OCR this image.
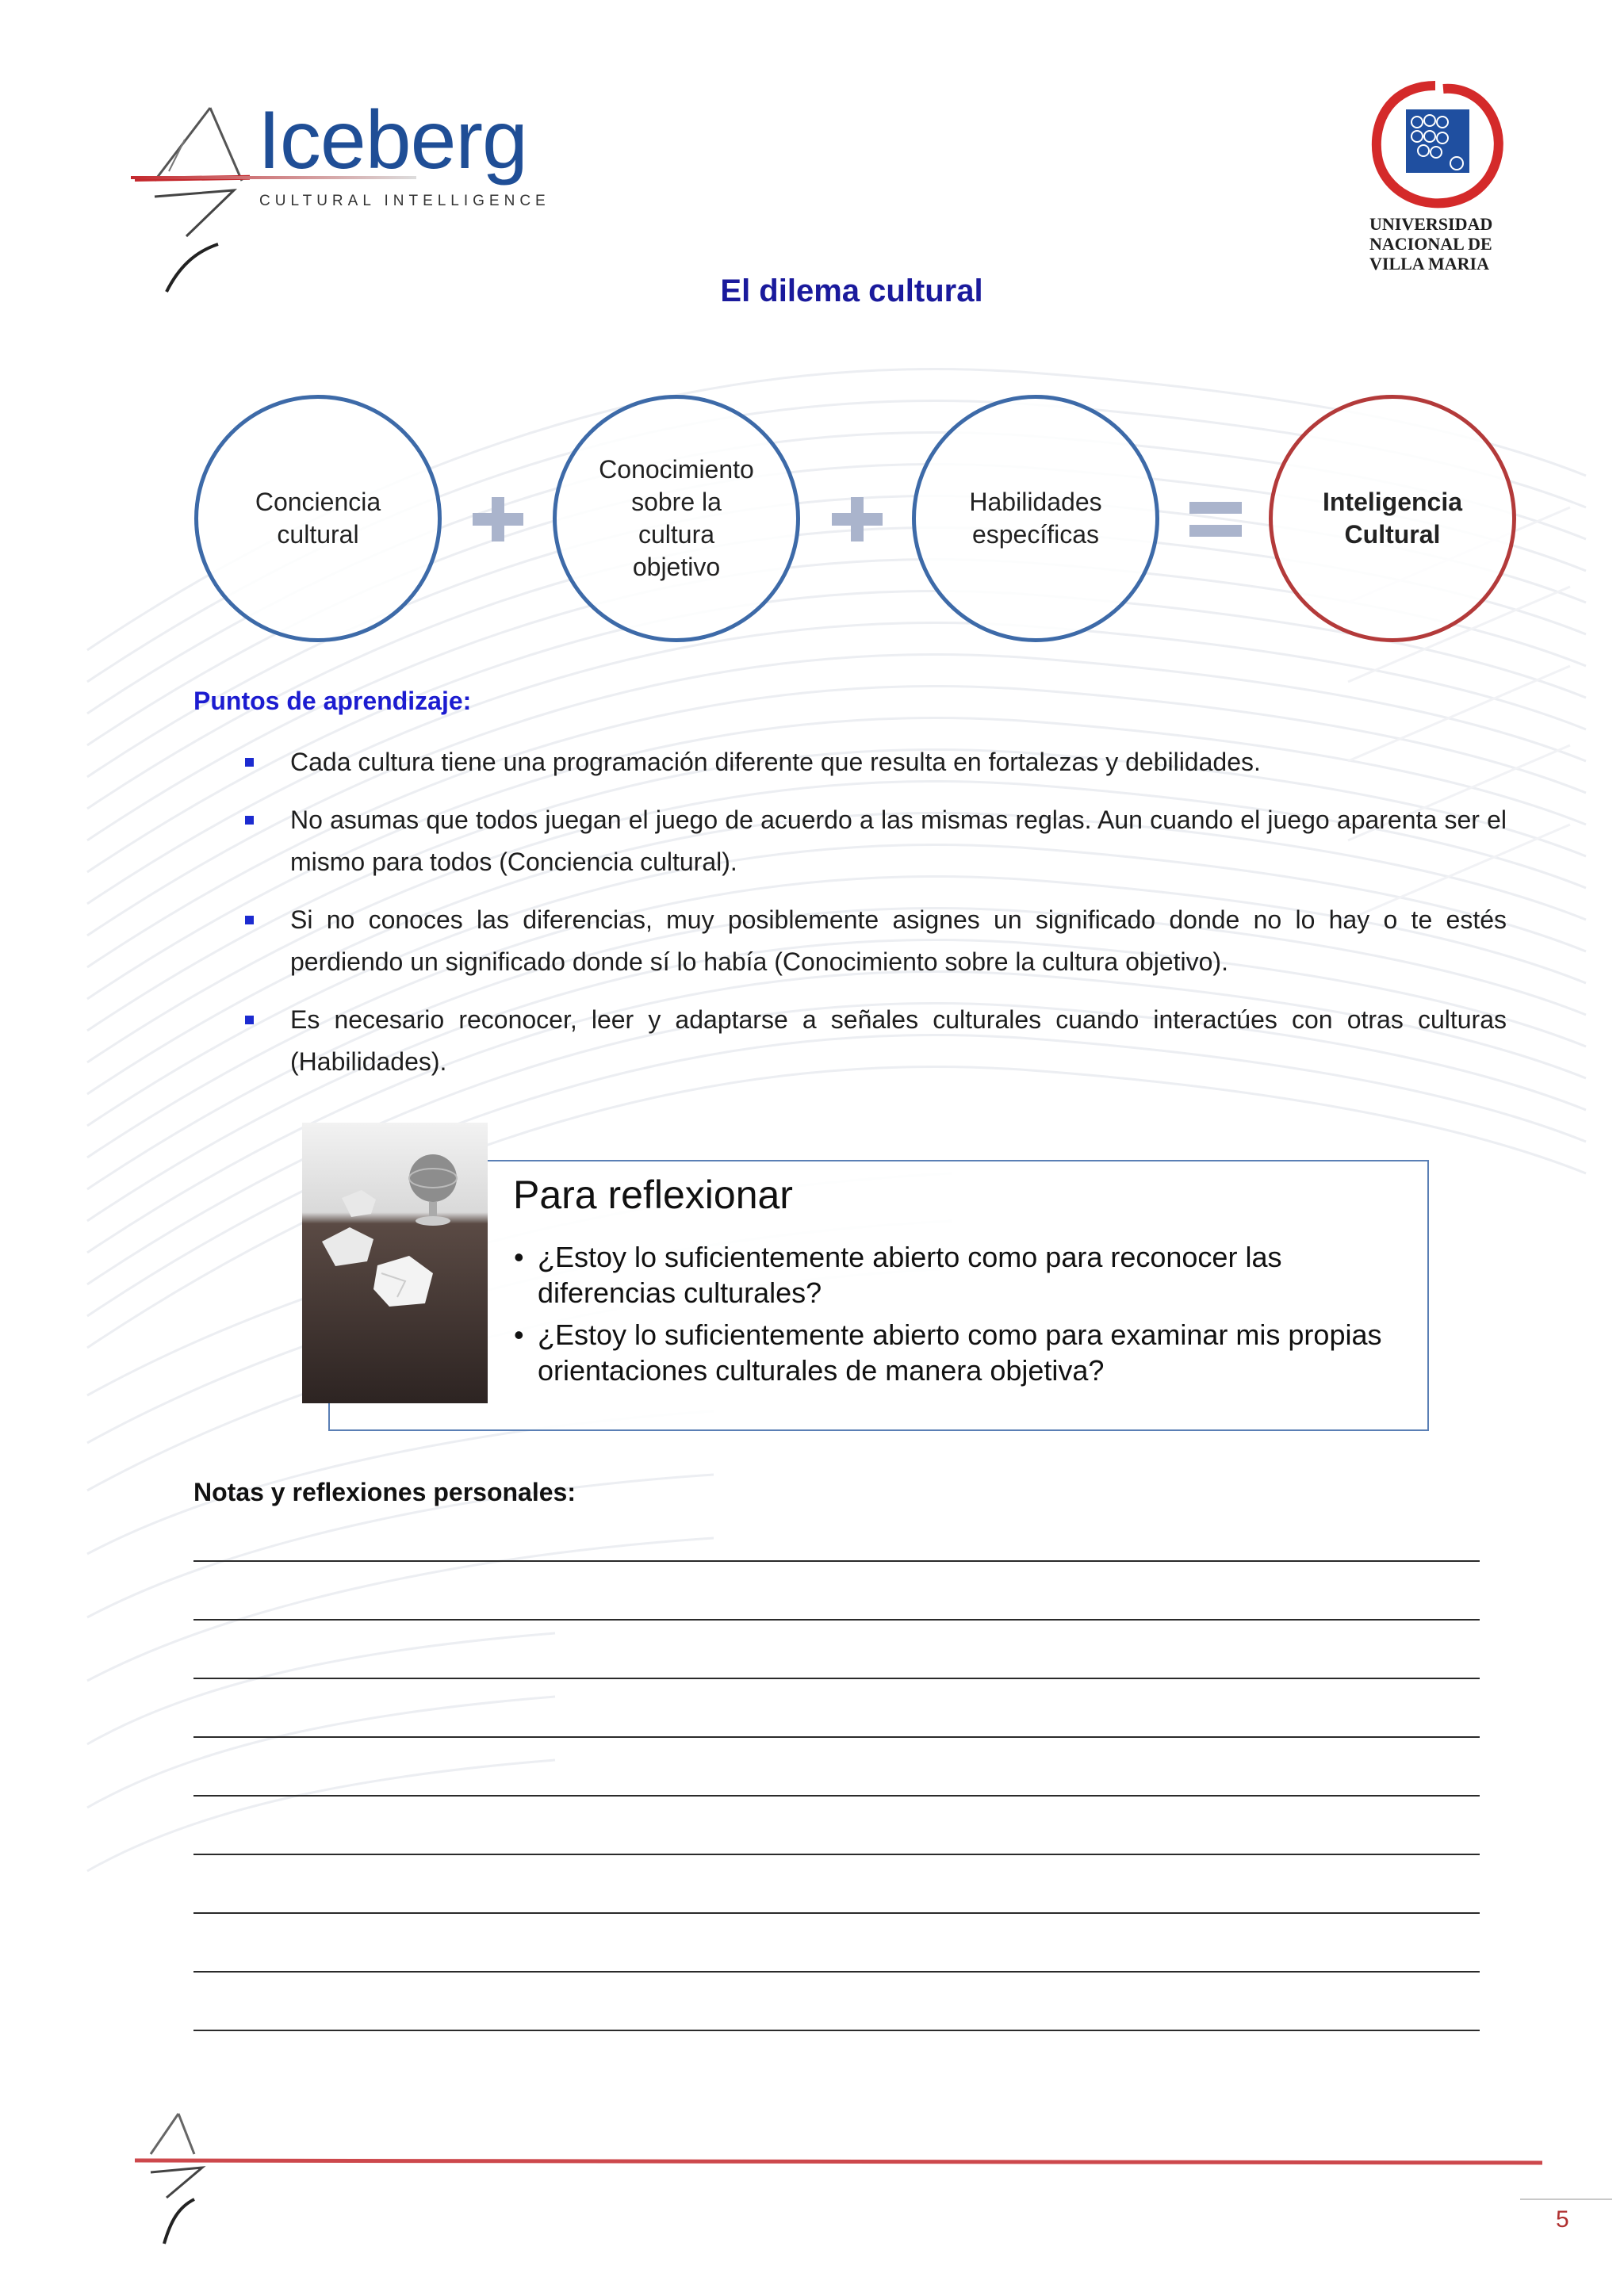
Iceberg
CULTURAL INTELLIGENCE
UNIVERSIDAD NACIONAL DE VILLA MARIA
El dilema cultural
Conciencia
cultural
Conocimiento
sobre la
cultura
objetivo
Habilidades
específicas
Inteligencia
Cultural
Puntos de aprendizaje:
Cada cultura tiene una programación diferente que resulta en fortalezas y debilidades.
No asumas que todos juegan el juego de acuerdo a las mismas reglas. Aun cuando el juego aparenta ser el mismo para todos (Conciencia cultural).
Si no conoces las diferencias, muy posiblemente asignes un significado donde no lo hay o te estés perdiendo un significado donde sí lo había (Conocimiento sobre la cultura objetivo).
Es necesario reconocer, leer y adaptarse a señales culturales cuando interactúes con otras culturas (Habilidades).
Para reflexionar
• ¿Estoy lo suficientemente abierto como para reconocer las diferencias culturales?
• ¿Estoy lo suficientemente abierto como para examinar mis propias orientaciones culturales de manera objetiva?
Notas y reflexiones personales:
5
